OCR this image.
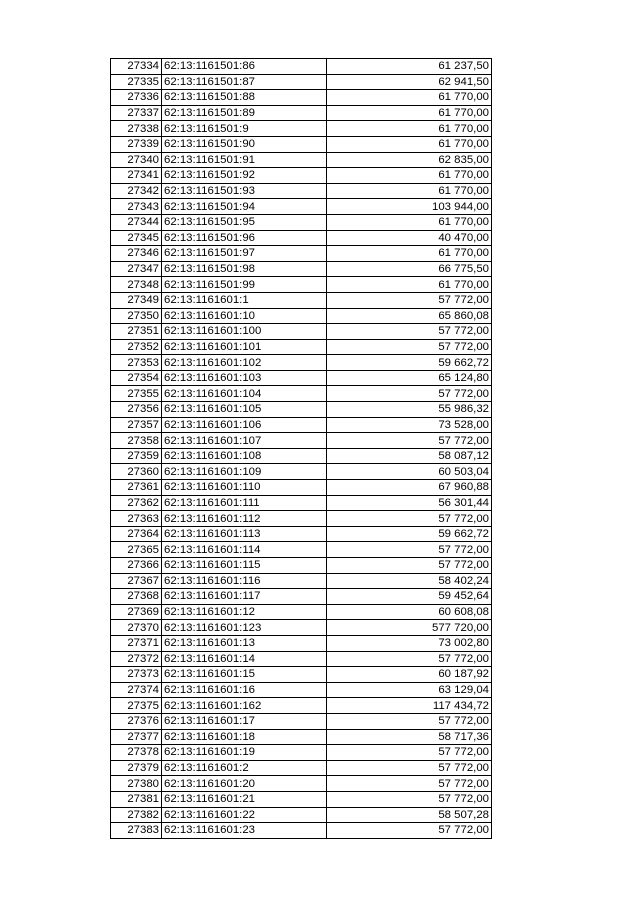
27334	62:13:1161501:86	61 237,50
27335	62:13:1161501:87	62 941,50
27336	62:13:1161501:88	61 770,00
27337	62:13:1161501:89	61 770,00
27338	62:13:1161501:9	61 770,00
27339	62:13:1161501:90	61 770,00
27340	62:13:1161501:91	62 835,00
27341	62:13:1161501:92	61 770,00
27342	62:13:1161501:93	61 770,00
27343	62:13:1161501:94	103 944,00
27344	62:13:1161501:95	61 770,00
27345	62:13:1161501:96	40 470,00
27346	62:13:1161501:97	61 770,00
27347	62:13:1161501:98	66 775,50
27348	62:13:1161501:99	61 770,00
27349	62:13:1161601:1	57 772,00
27350	62:13:1161601:10	65 860,08
27351	62:13:1161601:100	57 772,00
27352	62:13:1161601:101	57 772,00
27353	62:13:1161601:102	59 662,72
27354	62:13:1161601:103	65 124,80
27355	62:13:1161601:104	57 772,00
27356	62:13:1161601:105	55 986,32
27357	62:13:1161601:106	73 528,00
27358	62:13:1161601:107	57 772,00
27359	62:13:1161601:108	58 087,12
27360	62:13:1161601:109	60 503,04
27361	62:13:1161601:110	67 960,88
27362	62:13:1161601:111	56 301,44
27363	62:13:1161601:112	57 772,00
27364	62:13:1161601:113	59 662,72
27365	62:13:1161601:114	57 772,00
27366	62:13:1161601:115	57 772,00
27367	62:13:1161601:116	58 402,24
27368	62:13:1161601:117	59 452,64
27369	62:13:1161601:12	60 608,08
27370	62:13:1161601:123	577 720,00
27371	62:13:1161601:13	73 002,80
27372	62:13:1161601:14	57 772,00
27373	62:13:1161601:15	60 187,92
27374	62:13:1161601:16	63 129,04
27375	62:13:1161601:162	117 434,72
27376	62:13:1161601:17	57 772,00
27377	62:13:1161601:18	58 717,36
27378	62:13:1161601:19	57 772,00
27379	62:13:1161601:2	57 772,00
27380	62:13:1161601:20	57 772,00
27381	62:13:1161601:21	57 772,00
27382	62:13:1161601:22	58 507,28
27383	62:13:1161601:23	57 772,00
